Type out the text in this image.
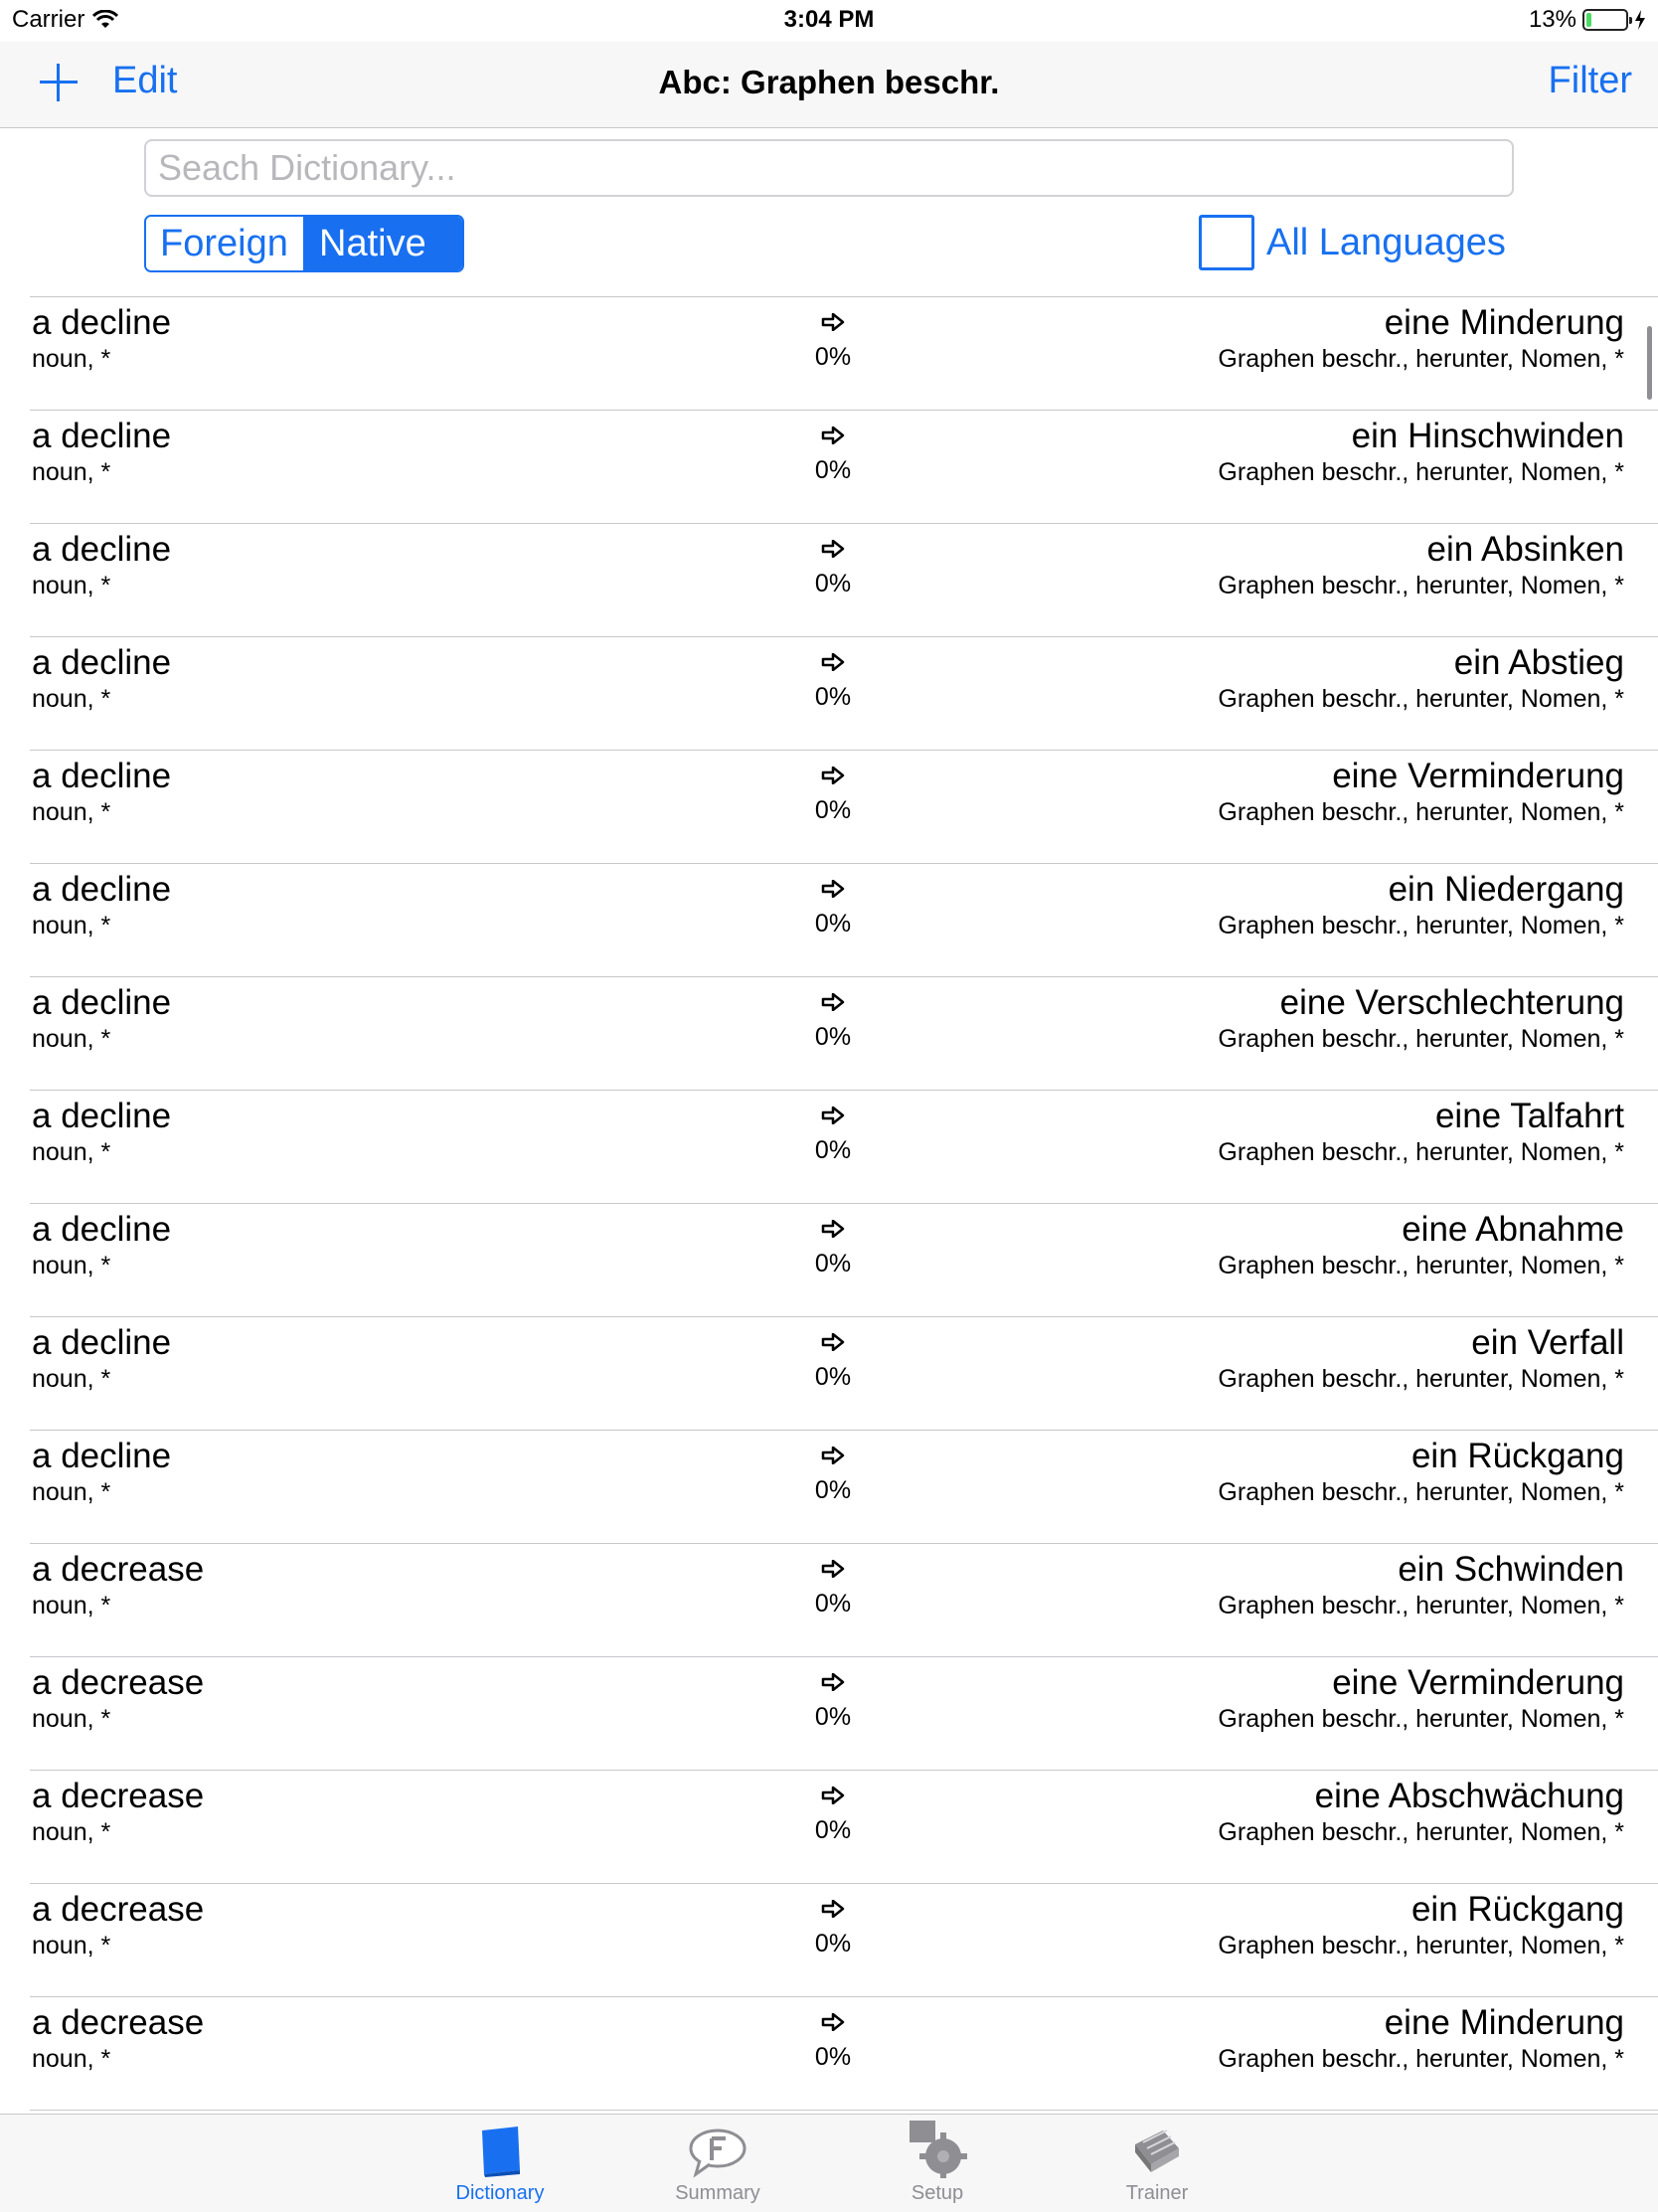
Carrier	3:04 PM	13%
Edit	Abc: Graphen beschr.	Filter
Seach Dictionary...
Foreign Native	All Languages
a decline
noun, *	0%
eine Minderung
Graphen beschr., herunter, Nomen, *
a decline
noun, *	0%
ein Hinschwinden
Graphen beschr., herunter, Nomen, *
a decline
noun, *	0%
ein Absinken
Graphen beschr., herunter, Nomen, *
a decline
noun, *	0%
ein Abstieg
Graphen beschr., herunter, Nomen, *
a decline
noun, *	0%
eine Verminderung
Graphen beschr., herunter, Nomen, *
a decline
noun, *	0%
ein Niedergang
Graphen beschr., herunter, Nomen, *
a decline
noun, *	0%
eine Verschlechterung
Graphen beschr., herunter, Nomen, *
a decline
noun, *	0%
eine Talfahrt
Graphen beschr., herunter, Nomen, *
a decline
noun, *	0%
eine Abnahme
Graphen beschr., herunter, Nomen, *
a decline
noun, *	0%
ein Verfall
Graphen beschr., herunter, Nomen, *
a decline
noun, *	0%
ein Rückgang
Graphen beschr., herunter, Nomen, *
a decrease
noun, *	0%
ein Schwinden
Graphen beschr., herunter, Nomen, *
a decrease
noun, *	0%
eine Verminderung
Graphen beschr., herunter, Nomen, *
a decrease
noun, *	0%
eine Abschwächung
Graphen beschr., herunter, Nomen, *
a decrease
noun, *	0%
ein Rückgang
Graphen beschr., herunter, Nomen, *
a decrease
noun, *	0%
eine Minderung
Graphen beschr., herunter, Nomen, *
Dictionary	Summary	Setup	Trainer
